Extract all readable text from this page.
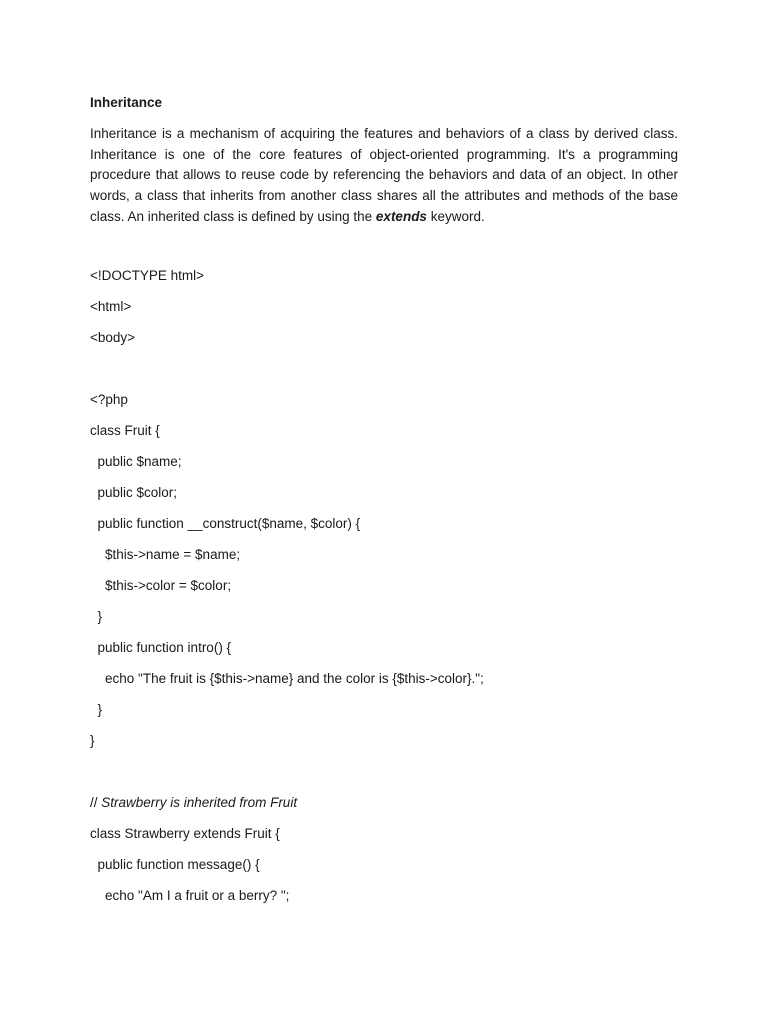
Inheritance

Inheritance is a mechanism of acquiring the features and behaviors of a class by derived class. Inheritance is one of the core features of object-oriented programming. It's a programming procedure that allows to reuse code by referencing the behaviors and data of an object. In other words, a class that inherits from another class shares all the attributes and methods of the base class. An inherited class is defined by using the extends keyword.
<!DOCTYPE html>
<html>
<body>
<?php
class Fruit {
public $name;
public $color;
public function __construct($name, $color) {
$this->name = $name;
$this->color = $color;
}
public function intro() {
echo "The fruit is {$this->name} and the color is {$this->color}.";
}
}
// Strawberry is inherited from Fruit
class Strawberry extends Fruit {
public function message() {
echo "Am I a fruit or a berry? ";
